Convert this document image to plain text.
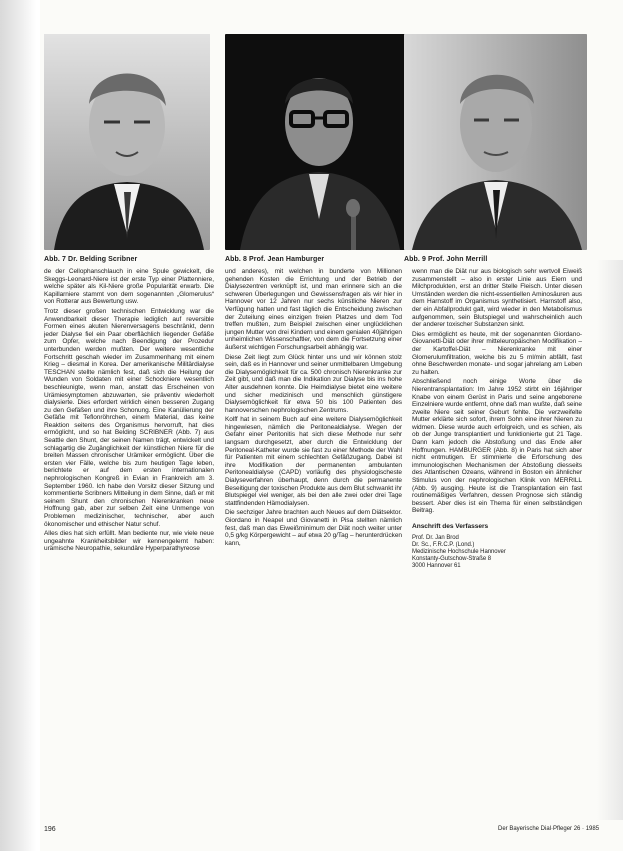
Abb. 7 Dr. Belding Scribner	Abb. 8 Prof. Jean Hamburger	Abb. 9 Prof. John Merrill

de der Cellophanschlauch in eine Spule gewickelt, die Skeggs-Leonard-Niere ist der erste Typ einer Plattenniere, welche später als Kil-Niere große Popularität erwarb. Die Kapillarniere stammt von dem sogenannten „Glomerulus“ von Rotterar aus Bewertung usw.

Trotz dieser großen technischen Entwicklung war die Anwendbarkeit dieser Therapie lediglich auf reversible Formen eines akuten Nierenversagens beschränkt, denn jeder Dialyse fiel ein Paar oberflächlich liegender Gefäße zum Opfer, welche nach Beendigung der Prozedur unterbunden werden mußten. Der weitere wesentliche Fortschritt geschah wieder im Zusammenhang mit einem Krieg – diesmal in Korea. Der amerikanische Militärdialyse TESCHAN stellte nämlich fest, daß sich die Heilung der Wunden von Soldaten mit einer Schockniere wesentlich beschleunigte, wenn man, anstatt das Erscheinen von Urämiesymptomen abzuwarten, sie präventiv wiederholt dialysierte. Dies erfordert wirklich einen besseren Zugang zu den Gefäßen und ihre Schonung. Eine Kanülierung der Gefäße mit Teflonröhrchen, einem Material, das keine Reaktion seitens des Organismus hervorruft, hat dies ermöglicht, und so hat Belding SCRIBNER (Abb. 7) aus Seattle den Shunt, der seinen Namen trägt, entwickelt und schlagartig die Zugänglichkeit der künstlichen Niere für die breiten Massen chronischer Urämiker ermöglicht. Über die ersten vier Fälle, welche bis zum heutigen Tage leben, berichtete er auf dem ersten internationalen nephrologischen Kongreß in Evian in Frankreich am 3. September 1960. Ich habe den Vorsitz dieser Sitzung und kommentierte Scribners Mitteilung in dem Sinne, daß er mit seinem Shunt den chronischen Nierenkranken neue Hoffnung gab, aber zur selben Zeit eine Unmenge von Problemen medizinischer, technischer, aber auch ökonomischer und ethischer Natur schuf.

Alles dies hat sich erfüllt. Man bediente nur, wie viele neue ungeahnte Krankheitsbilder wir kennengelernt haben: urämische Neuropathie, sekundäre Hyperparathyreose

und anderes), mit welchen in bunderte von Millionen gehenden Kosten die Errichtung und der Betrieb der Dialysezentren verknüpft ist, und man erinnere sich an die schweren Überlegungen und Gewissensfragen als wir hier in Hannover vor 12 Jahren nur sechs künstliche Nieren zur Verfügung hatten und fast täglich die Entscheidung zwischen der Zuteilung eines einzigen freien Platzes und dem Tod treffen mußten, zum Beispiel zwischen einer unglücklichen jungen Mutter von drei Kindern und einem genialen 40jährigen unheimlichen Wissenschaftler, von dem die Fortsetzung einer äußerst wichtigen Forschungsarbeit abhängig war.

Diese Zeit liegt zum Glück hinter uns und wir können stolz sein, daß es in Hannover und seiner unmittelbaren Umgebung die Dialysemöglichkeit für ca. 500 chronisch Nierenkranke zur Zeit gibt, und daß man die Indikation zur Dialyse bis ins hohe Alter ausdehnen konnte. Die Heimdialyse bietet eine weitere und sicher medizinisch und menschlich günstigere Dialysemöglichkeit für etwa 50 bis 100 Patienten des hannoverschen nephrologischen Zentrums.

Kolff hat in seinem Buch auf eine weitere Dialysemöglichkeit hingewiesen, nämlich die Peritonealdialyse. Wegen der Gefahr einer Peritonitis hat sich diese Methode nur sehr langsam durchgesetzt, aber durch die Entwicklung der Peritoneal-Katheter wurde sie fast zu einer Methode der Wahl für Patienten mit einem schlechten Gefäßzugang. Dabei ist ihre Modifikation der permanenten ambulanten Peritonealdialyse (CAPD) vorläufig des physiologischeste Dialyseverfahren überhaupt, denn durch die permanente Beseitigung der toxischen Produkte aus dem Blut schwankt ihr Blutspiegel viel weniger, als bei den alle zwei oder drei Tage stattfindenden Hämodialysen.

Die sechziger Jahre brachten auch Neues auf dem Diätsektor. Giordano in Neapel und Giovanetti in Pisa stellten nämlich fest, daß man das Eiweißminimum der Diät noch weiter unter 0,5 g/kg Körpergewicht – auf etwa 20 g/Tag – herunterdrücken kann,

wenn man die Diät nur aus biologisch sehr wertvoll Eiweiß zusammenstellt – also in erster Linie aus Eiern und Milchprodukten, erst an dritter Stelle Fleisch. Unter diesen Umständen werden die nicht-essentiellen Aminosäuren aus dem Harnstoff im Organismus synthetisiert. Harnstoff also, der ein Abfallprodukt galt, wird wieder in den Metabolismus aufgenommen, sein Blutspiegel und wahrscheinlich auch der anderer toxischer Substanzen sinkt.

Dies ermöglicht es heute, mit der sogenannten Giordano-Giovanetti-Diät oder ihrer mitteleuropäischen Modifikation – der Kartoffel-Diät – Nierenkranke mit einer Glomerulumfiltration, welche bis zu 5 ml/min abfällt, fast ohne Beschwerden monate- und sogar jahrelang am Leben zu halten.

Abschließend noch einige Worte über die Nierentransplantation: Im Jahre 1952 stirbt ein 16jähriger Knabe von einem Gerüst in Paris und seine angeborene Einzelniere wurde entfernt, ohne daß man wußte, daß seine zweite Niere seit seiner Geburt fehlte. Die verzweifelte Mutter erklärte sich sofort, ihrem Sohn eine ihrer Nieren zu widmen. Diese wurde auch erfolgreich, und es schien, als ob der Junge transplantiert und funktionierte gut 21 Tage. Dann kam jedoch die Abstoßung und das Ende aller Hoffnungen. HAMBURGER (Abb. 8) in Paris hat sich aber nicht entmutigen. Er stimmierte die Erforschung des immunologischen Mechanismen der Abstoßung diesseits des Atlantischen Ozeans, während in Boston ein ähnlicher Stimulus von der nephrologischen Klinik von MERRILL (Abb. 9) ausging. Heute ist die Transplantation ein fast routinemäßiges Verfahren, dessen Prognose sich ständig bessert. Aber dies ist ein Thema für einen selbständigen Beitrag.

Anschrift des Verfassers

Prof. Dr. Jan Brod
Dr. Sc., F.R.C.P. (Lond.)
Medizinische Hochschule Hannover
Konstanty-Gutschow-Straße 8
3000 Hannover 61
196	Der Bayerische Dial·Pfleger 26 · 1985
